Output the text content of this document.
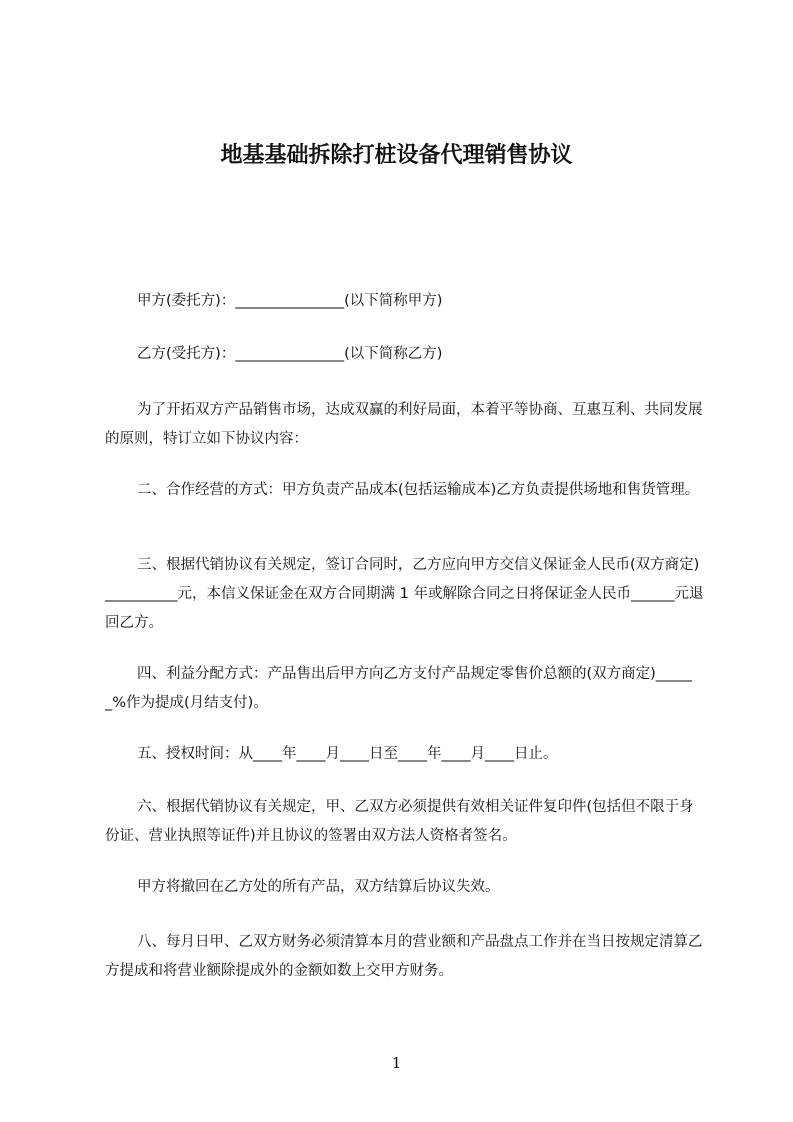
地基基础拆除打桩设备代理销售协议

甲方(委托方)：_______________(以下简称甲方)

乙方(受托方)：_______________(以下简称乙方)

为了开拓双方产品销售市场，达成双赢的利好局面，本着平等协商、互惠互利、共同发展的原则，特订立如下协议内容：

二、合作经营的方式：甲方负责产品成本(包括运输成本)乙方负责提供场地和售货管理。

三、根据代销协议有关规定，签订合同时，乙方应向甲方交信义保证金人民币(双方商定)__________元，本信义保证金在双方合同期满 1 年或解除合同之日将保证金人民币______元退回乙方。

四、利益分配方式：产品售出后甲方向乙方支付产品规定零售价总额的(双方商定)______%作为提成(月结支付)。

五、授权时间：从____年____月____日至____年____月____日止。

六、根据代销协议有关规定，甲、乙双方必须提供有效相关证件复印件(包括但不限于身份证、营业执照等证件)并且协议的签署由双方法人资格者签名。

甲方将撤回在乙方处的所有产品，双方结算后协议失效。

八、每月日甲、乙双方财务必须清算本月的营业额和产品盘点工作并在当日按规定清算乙方提成和将营业额除提成外的金额如数上交甲方财务。

1
